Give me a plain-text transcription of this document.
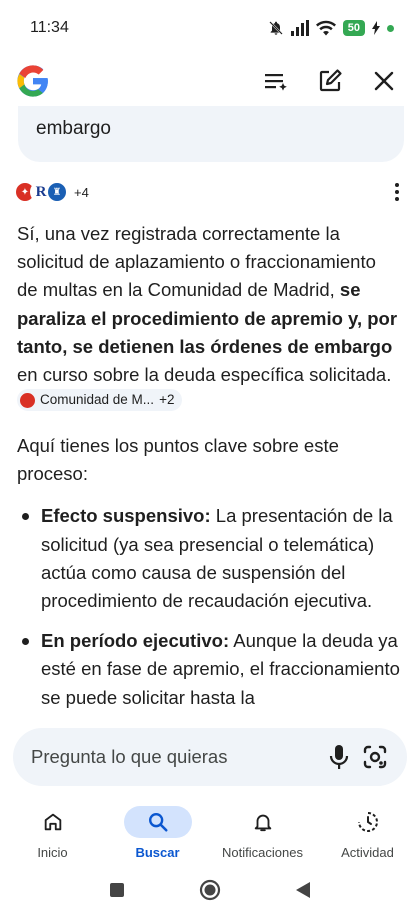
11:34	50
embargo
✦ R ♜ +4

Sí, una vez registrada correctamente la solicitud de aplazamiento o fraccionamiento de multas en la Comunidad de Madrid, se paraliza el procedimiento de apremio y, por tanto, se detienen las órdenes de embargo en curso sobre la deuda específica solicitada.
Comunidad de M... +2

Aquí tienes los puntos clave sobre este proceso:

Efecto suspensivo: La presentación de la solicitud (ya sea presencial o telemática) actúa como causa de suspensión del procedimiento de recaudación ejecutiva.
En período ejecutivo: Aunque la deuda ya esté en fase de apremio, el fraccionamiento se puede solicitar hasta la
Pregunta lo que quieras
Inicio	Buscar	Notificaciones	Actividad
